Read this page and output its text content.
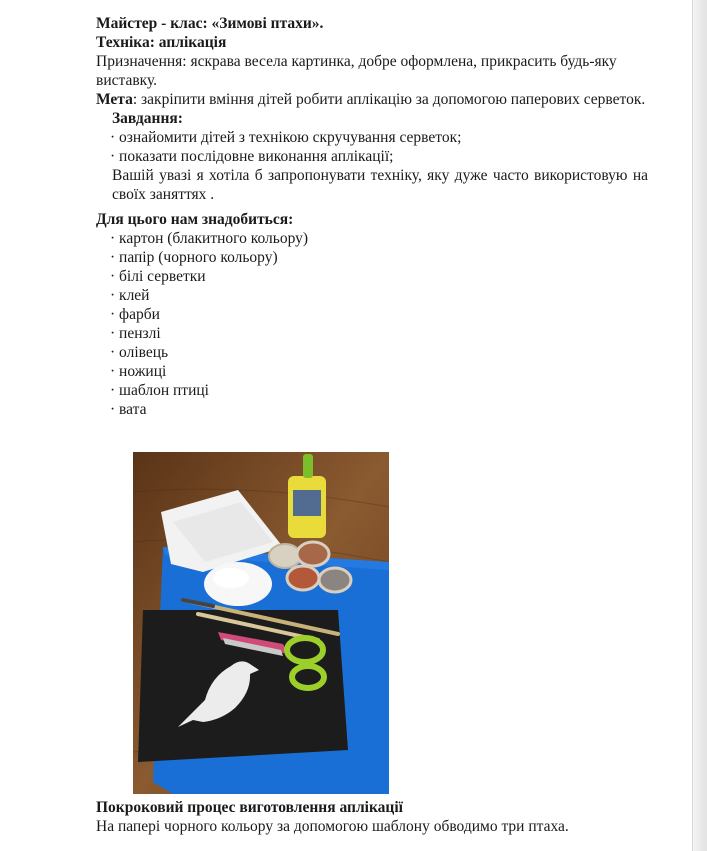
Майстер - клас: «Зимові птахи».

Техніка: аплікація

Призначення: яскрава весела картинка, добре оформлена, прикрасить будь-яку виставку.

Мета: закріпити вміння дітей робити аплікацію за допомогою паперових серветок.

Завдання:

· ознайомити дітей з технікою скручування серветок;

· показати послідовне виконання аплікації;

Вашій увазі я хотіла б запропонувати техніку, яку дуже часто використовую на своїх заняттях .

Для цього нам знадобиться:

· картон (блакитного кольору)

· папір (чорного кольору)

· білі серветки

· клей

· фарби

· пензлі

· олівець

· ножиці

· шаблон птиці

· вата

Покроковий процес виготовлення аплікації

На папері чорного кольору за допомогою шаблону обводимо три птаха.
